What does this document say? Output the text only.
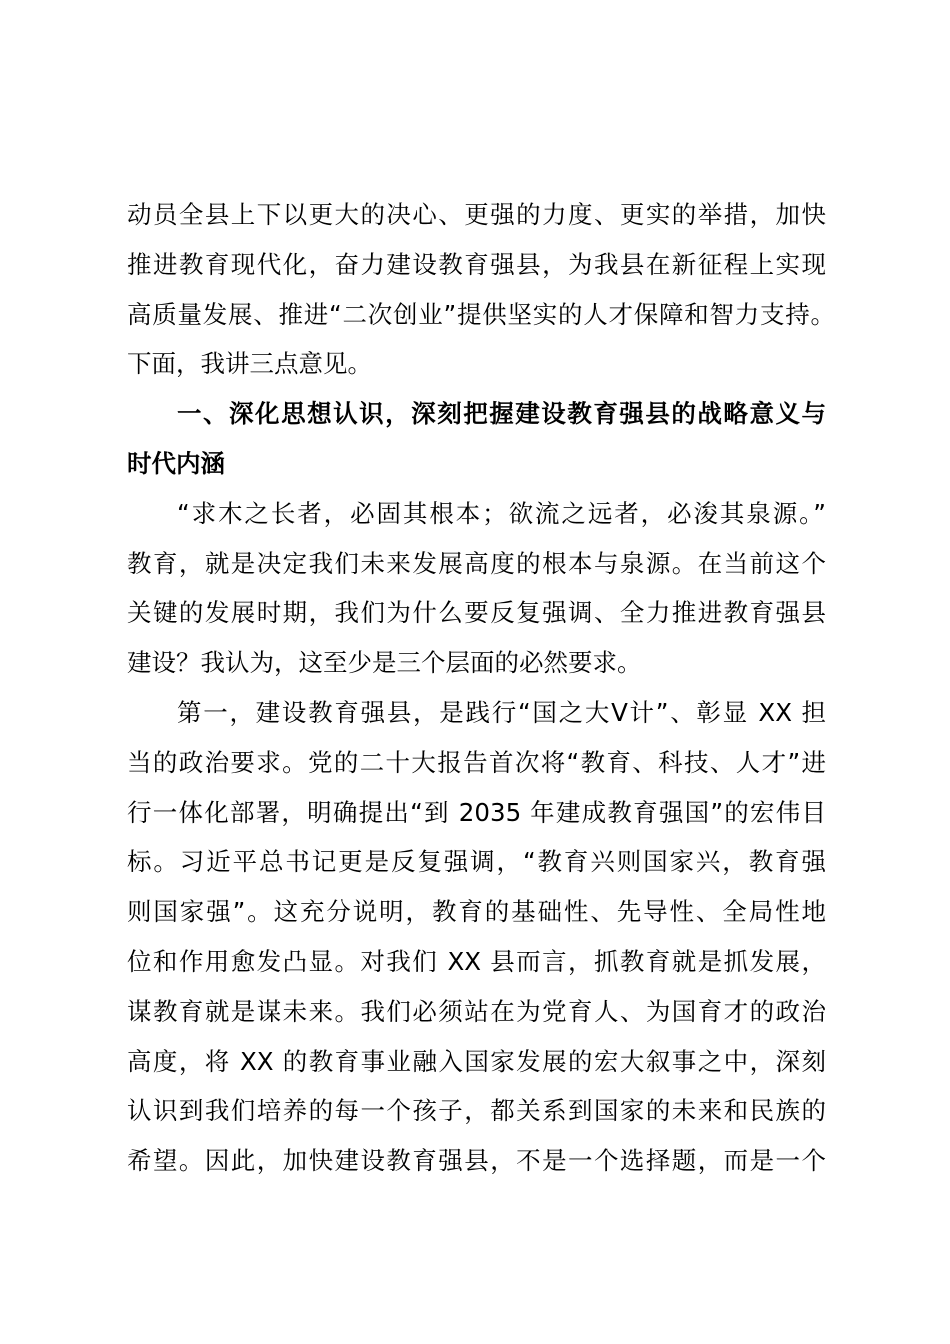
动员全县上下以更大的决心、更强的力度、更实的举措，加快
推进教育现代化，奋力建设教育强县，为我县在新征程上实现
高质量发展、推进“二次创业”提供坚实的人才保障和智力支持。
下面，我讲三点意见。
一、深化思想认识，深刻把握建设教育强县的战略意义与
时代内涵
“求木之长者，必固其根本；欲流之远者，必浚其泉源。”
教育，就是决定我们未来发展高度的根本与泉源。在当前这个
关键的发展时期，我们为什么要反复强调、全力推进教育强县
建设？我认为，这至少是三个层面的必然要求。
第一，建设教育强县，是践行“国之大Ⅴ计”、彰显 XX 担
当的政治要求。党的二十大报告首次将“教育、科技、人才”进
行一体化部署，明确提出“到 2035 年建成教育强国”的宏伟目
标。习近平总书记更是反复强调，“教育兴则国家兴，教育强
则国家强”。这充分说明，教育的基础性、先导性、全局性地
位和作用愈发凸显。对我们 XX 县而言，抓教育就是抓发展，
谋教育就是谋未来。我们必须站在为党育人、为国育才的政治
高度，将 XX 的教育事业融入国家发展的宏大叙事之中，深刻
认识到我们培养的每一个孩子，都关系到国家的未来和民族的
希望。因此，加快建设教育强县，不是一个选择题，而是一个
